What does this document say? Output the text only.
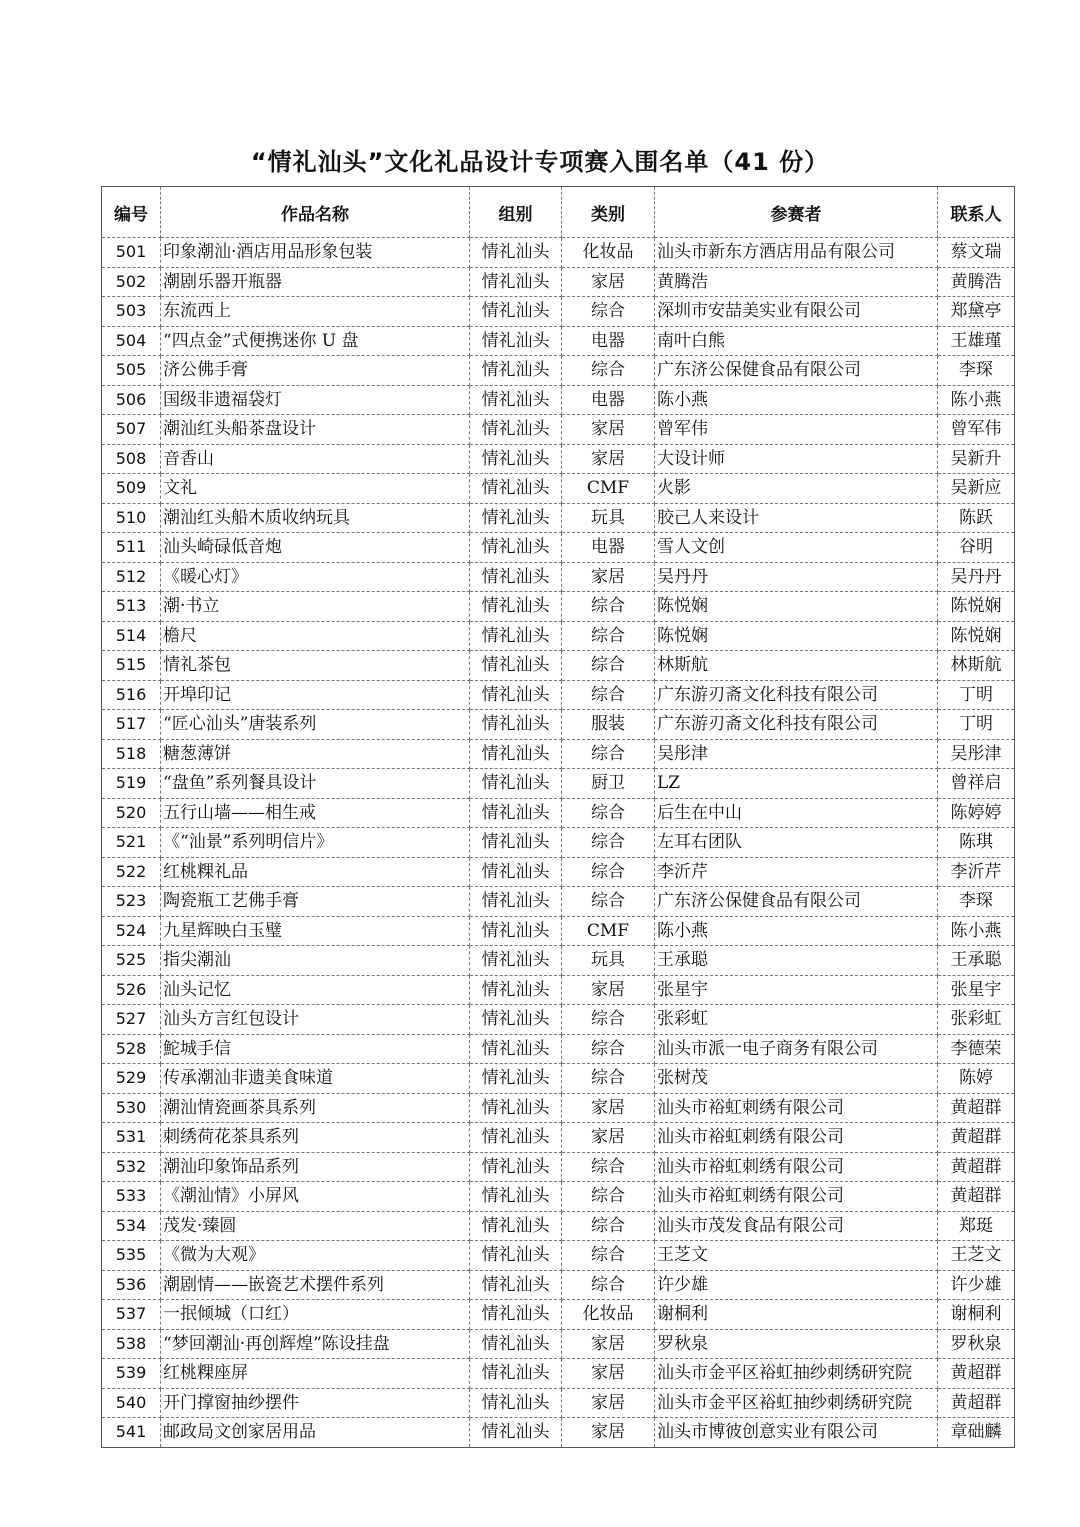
“情礼汕头”文化礼品设计专项赛入围名单（41 份）
编号	作品名称	组别	类别	参赛者	联系人
501	印象潮汕·酒店用品形象包装	情礼汕头	化妆品	汕头市新东方酒店用品有限公司	蔡文瑞
502	潮剧乐器开瓶器	情礼汕头	家居	黄腾浩	黄腾浩
503	东流西上	情礼汕头	综合	深圳市安喆美实业有限公司	郑黛亭
504	“四点金”式便携迷你 U 盘	情礼汕头	电器	南叶白熊	王雄瑾
505	济公佛手膏	情礼汕头	综合	广东济公保健食品有限公司	李琛
506	国级非遗福袋灯	情礼汕头	电器	陈小燕	陈小燕
507	潮汕红头船茶盘设计	情礼汕头	家居	曾军伟	曾军伟
508	音香山	情礼汕头	家居	大设计师	吴新升
509	文礼	情礼汕头	CMF	火影	吴新应
510	潮汕红头船木质收纳玩具	情礼汕头	玩具	胶己人来设计	陈跃
511	汕头崎碌低音炮	情礼汕头	电器	雪人文创	谷明
512	《暖心灯》	情礼汕头	家居	吴丹丹	吴丹丹
513	潮·书立	情礼汕头	综合	陈悦娴	陈悦娴
514	檐尺	情礼汕头	综合	陈悦娴	陈悦娴
515	情礼茶包	情礼汕头	综合	林斯航	林斯航
516	开埠印记	情礼汕头	综合	广东游刃斋文化科技有限公司	丁明
517	“匠心汕头”唐装系列	情礼汕头	服装	广东游刃斋文化科技有限公司	丁明
518	糖葱薄饼	情礼汕头	综合	吴彤津	吴彤津
519	“盘鱼”系列餐具设计	情礼汕头	厨卫	LZ	曾祥启
520	五行山墙——相生戒	情礼汕头	综合	后生在中山	陈婷婷
521	《“汕景”系列明信片》	情礼汕头	综合	左耳右团队	陈琪
522	红桃粿礼品	情礼汕头	综合	李沂芹	李沂芹
523	陶瓷瓶工艺佛手膏	情礼汕头	综合	广东济公保健食品有限公司	李琛
524	九星辉映白玉璧	情礼汕头	CMF	陈小燕	陈小燕
525	指尖潮汕	情礼汕头	玩具	王承聪	王承聪
526	汕头记忆	情礼汕头	家居	张星宇	张星宇
527	汕头方言红包设计	情礼汕头	综合	张彩虹	张彩虹
528	鮀城手信	情礼汕头	综合	汕头市派一电子商务有限公司	李德荣
529	传承潮汕非遗美食味道	情礼汕头	综合	张树茂	陈婷
530	潮汕情瓷画茶具系列	情礼汕头	家居	汕头市裕虹刺绣有限公司	黄超群
531	刺绣荷花茶具系列	情礼汕头	家居	汕头市裕虹刺绣有限公司	黄超群
532	潮汕印象饰品系列	情礼汕头	综合	汕头市裕虹刺绣有限公司	黄超群
533	《潮汕情》小屏风	情礼汕头	综合	汕头市裕虹刺绣有限公司	黄超群
534	茂发·臻圆	情礼汕头	综合	汕头市茂发食品有限公司	郑珽
535	《微为大观》	情礼汕头	综合	王芝文	王芝文
536	潮剧情——嵌瓷艺术摆件系列	情礼汕头	综合	许少雄	许少雄
537	一抿倾城（口红）	情礼汕头	化妆品	谢桐利	谢桐利
538	“梦回潮汕·再创辉煌”陈设挂盘	情礼汕头	家居	罗秋泉	罗秋泉
539	红桃粿座屏	情礼汕头	家居	汕头市金平区裕虹抽纱刺绣研究院	黄超群
540	开门撑窗抽纱摆件	情礼汕头	家居	汕头市金平区裕虹抽纱刺绣研究院	黄超群
541	邮政局文创家居用品	情礼汕头	家居	汕头市博彼创意实业有限公司	章础麟
